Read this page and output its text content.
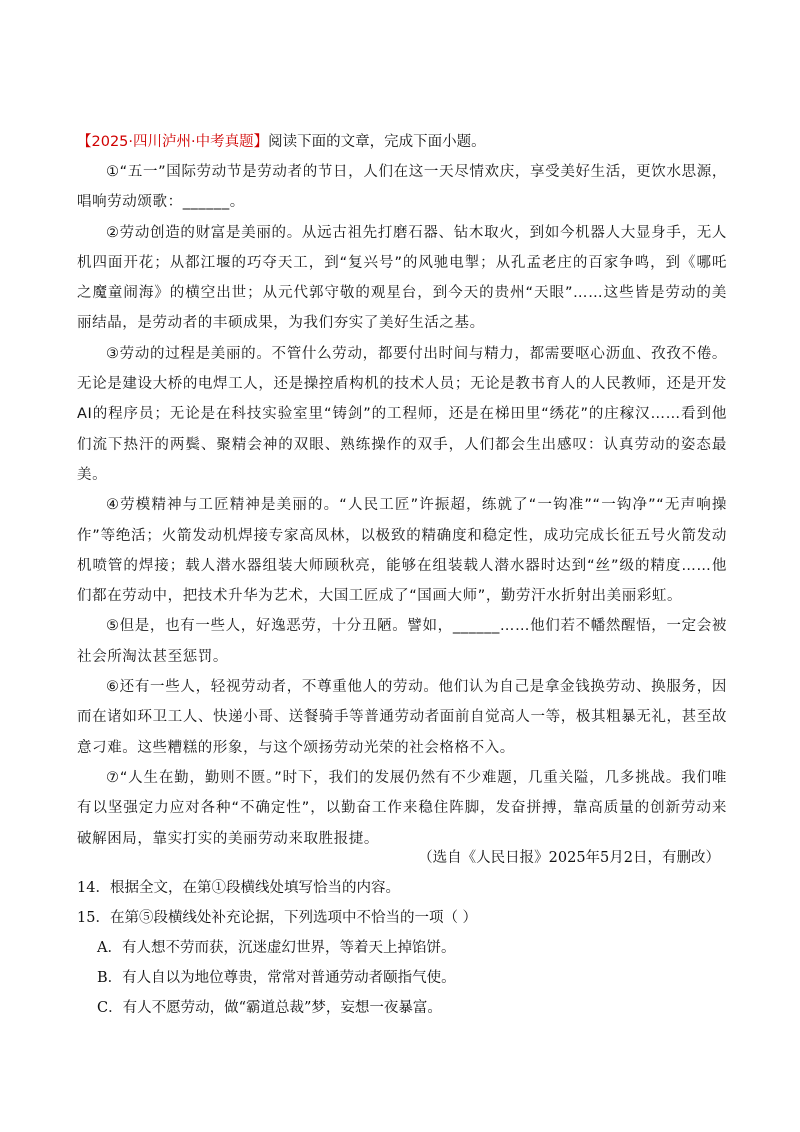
【2025·四川泸州·中考真题】阅读下面的文章，完成下面小题。

①“五一”国际劳动节是劳动者的节日，人们在这一天尽情欢庆，享受美好生活，更饮水思源，唱响劳动颂歌：______。

②劳动创造的财富是美丽的。从远古祖先打磨石器、钻木取火，到如今机器人大显身手，无人机四面开花；从都江堰的巧夺天工，到“复兴号”的风驰电掣；从孔孟老庄的百家争鸣，到《哪吒之魔童闹海》的横空出世；从元代郭守敬的观星台，到今天的贵州“天眼”……这些皆是劳动的美丽结晶，是劳动者的丰硕成果，为我们夯实了美好生活之基。

③劳动的过程是美丽的。不管什么劳动，都要付出时间与精力，都需要呕心沥血、孜孜不倦。无论是建设大桥的电焊工人，还是操控盾构机的技术人员；无论是教书育人的人民教师，还是开发AI的程序员；无论是在科技实验室里“铸剑”的工程师，还是在梯田里“绣花”的庄稼汉……看到他们流下热汗的两鬓、聚精会神的双眼、熟练操作的双手，人们都会生出感叹：认真劳动的姿态最美。

④劳模精神与工匠精神是美丽的。“人民工匠”许振超，练就了“一钩准”“一钩净”“无声响操作”等绝活；火箭发动机焊接专家高凤林，以极致的精确度和稳定性，成功完成长征五号火箭发动机喷管的焊接；载人潜水器组装大师顾秋亮，能够在组装载人潜水器时达到“丝”级的精度……他们都在劳动中，把技术升华为艺术，大国工匠成了“国画大师”，勤劳汗水折射出美丽彩虹。

⑤但是，也有一些人，好逸恶劳，十分丑陋。譬如，______……他们若不幡然醒悟，一定会被社会所淘汰甚至惩罚。

⑥还有一些人，轻视劳动者，不尊重他人的劳动。他们认为自己是拿金钱换劳动、换服务，因而在诸如环卫工人、快递小哥、送餐骑手等普通劳动者面前自觉高人一等，极其粗暴无礼，甚至故意刁难。这些糟糕的形象，与这个颂扬劳动光荣的社会格格不入。

⑦“人生在勤，勤则不匮。”时下，我们的发展仍然有不少难题，几重关隘，几多挑战。我们唯有以坚强定力应对各种“不确定性”，以勤奋工作来稳住阵脚，发奋拼搏，靠高质量的创新劳动来破解困局，靠实打实的美丽劳动来取胜报捷。

（选自《人民日报》2025年5月2日，有删改）
14．根据全文，在第①段横线处填写恰当的内容。
15．在第⑤段横线处补充论据，下列选项中不恰当的一项（ ）
A．有人想不劳而获，沉迷虚幻世界，等着天上掉馅饼。
B．有人自以为地位尊贵，常常对普通劳动者颐指气使。
C．有人不愿劳动，做“霸道总裁”梦，妄想一夜暴富。
